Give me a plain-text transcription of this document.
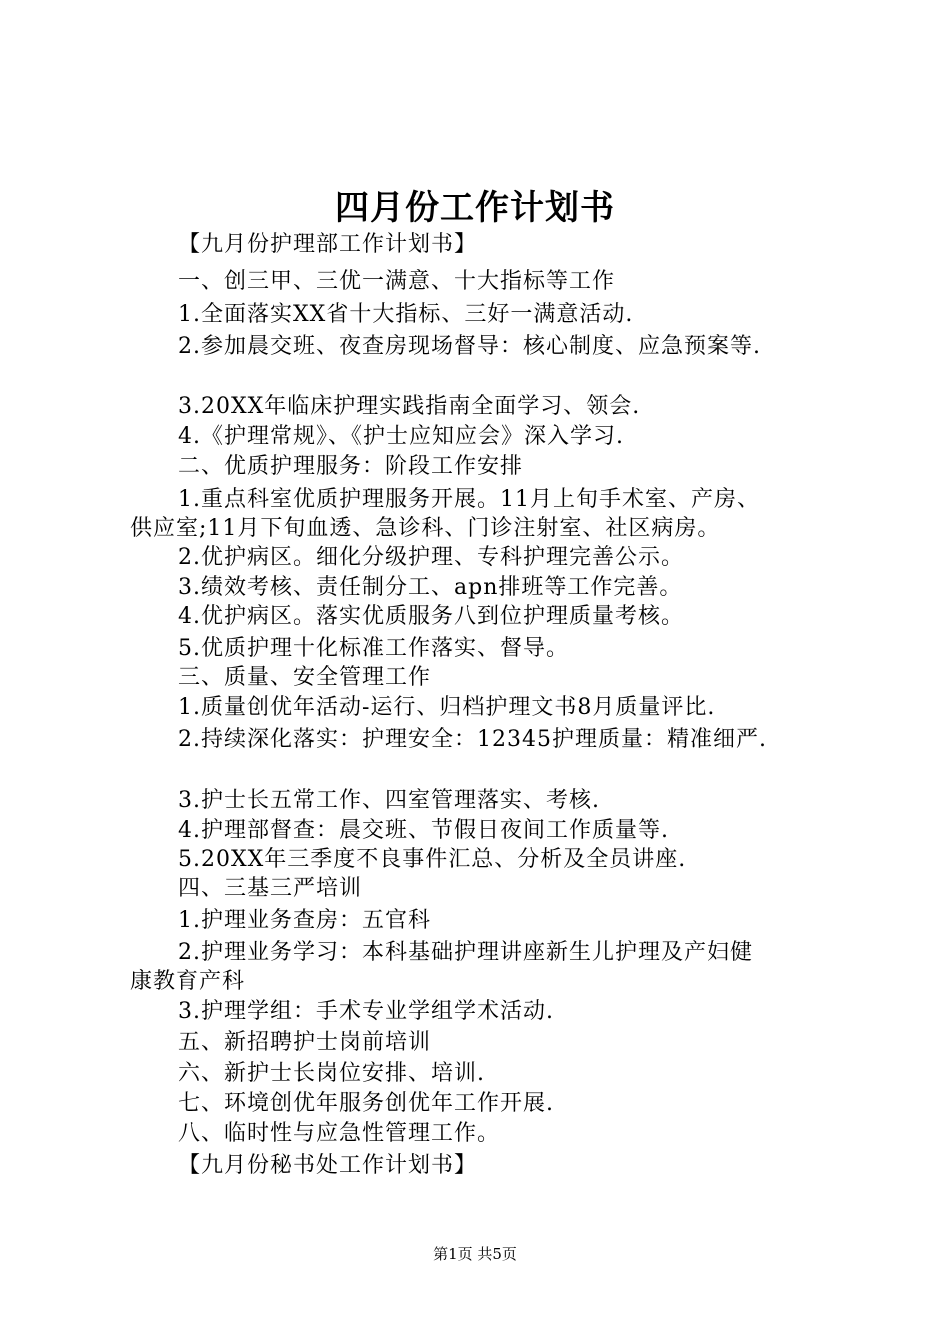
四月份工作计划书
【九月份护理部工作计划书】
一、创三甲、三优一满意、十大指标等工作
1.全面落实XX省十大指标、三好一满意活动.
2.参加晨交班、夜查房现场督导：核心制度、应急预案等.
3.20XX年临床护理实践指南全面学习、领会.
4.《护理常规》、《护士应知应会》深入学习.
二、优质护理服务：阶段工作安排
1.重点科室优质护理服务开展。11月上旬手术室、产房、
供应室;11月下旬血透、急诊科、门诊注射室、社区病房。
2.优护病区。细化分级护理、专科护理完善公示。
3.绩效考核、责任制分工、apn排班等工作完善。
4.优护病区。落实优质服务八到位护理质量考核。
5.优质护理十化标准工作落实、督导。
三、质量、安全管理工作
1.质量创优年活动-运行、归档护理文书8月质量评比.
2.持续深化落实：护理安全：12345护理质量：精准细严.
3.护士长五常工作、四室管理落实、考核.
4.护理部督查：晨交班、节假日夜间工作质量等.
5.20XX年三季度不良事件汇总、分析及全员讲座.
四、三基三严培训
1.护理业务查房：五官科
2.护理业务学习：本科基础护理讲座新生儿护理及产妇健
康教育产科
3.护理学组：手术专业学组学术活动.
五、新招聘护士岗前培训
六、新护士长岗位安排、培训.
七、环境创优年服务创优年工作开展.
八、临时性与应急性管理工作。
【九月份秘书处工作计划书】
第1页 共5页
